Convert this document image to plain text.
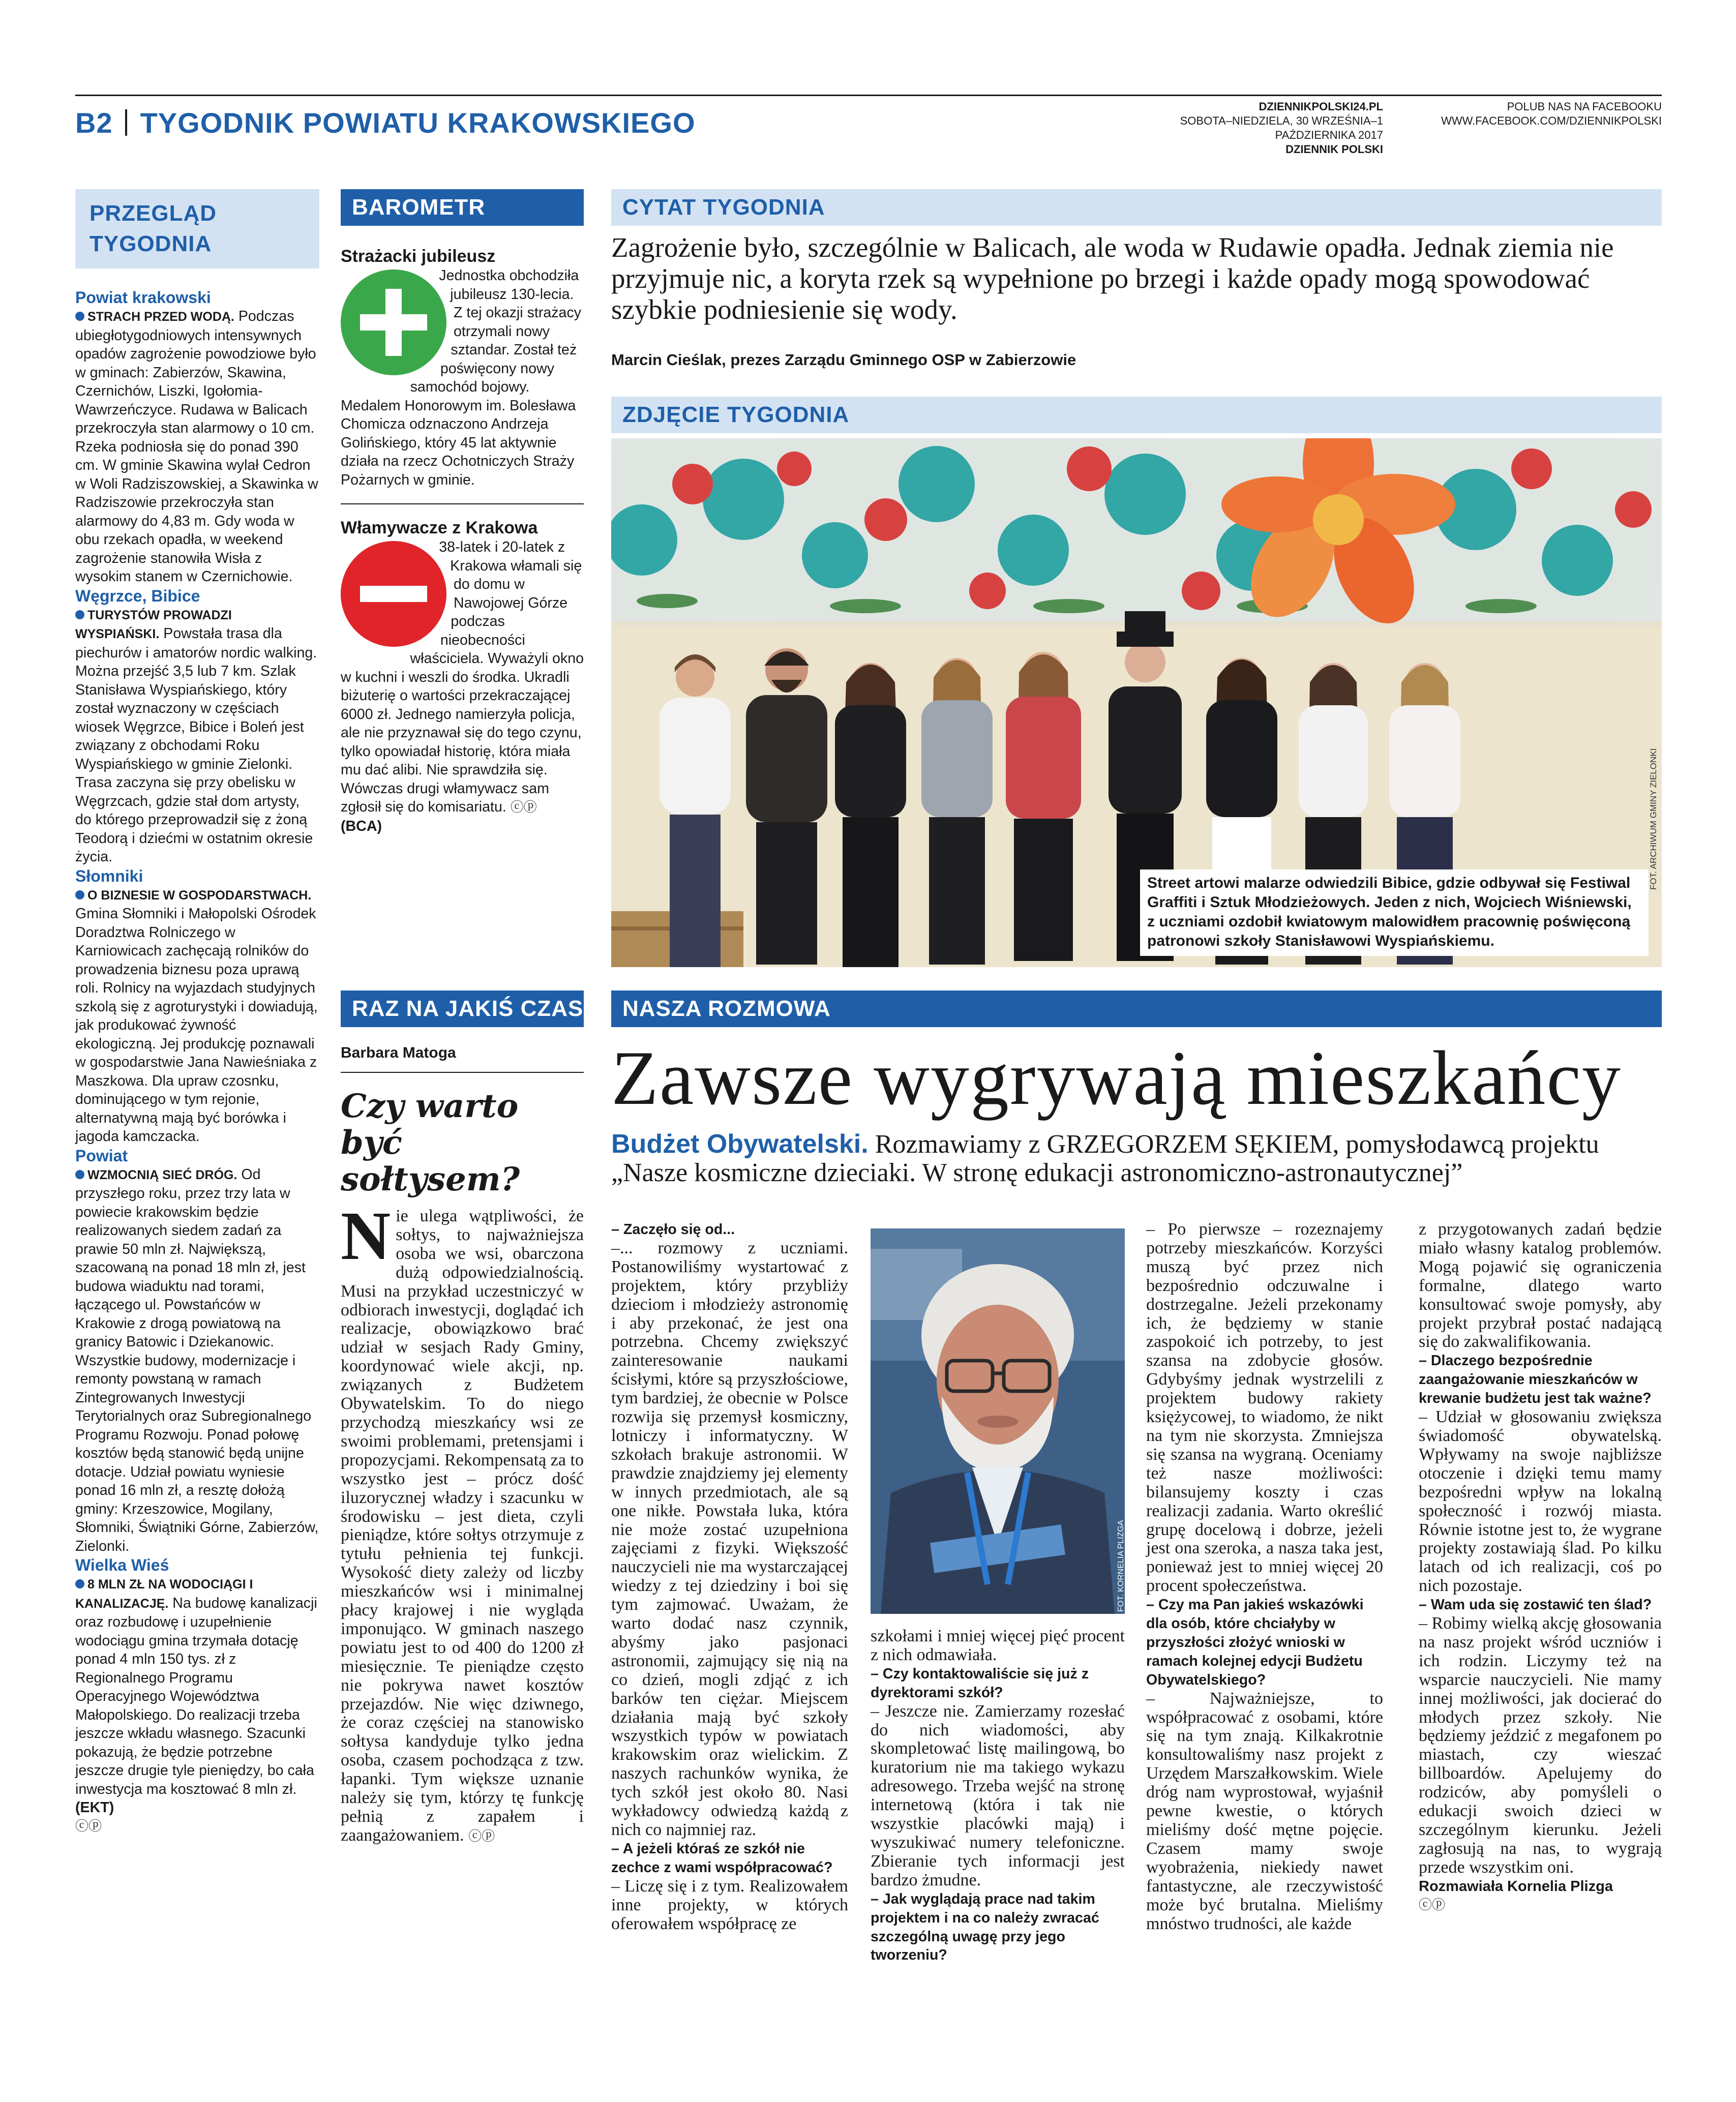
B2 TYGODNIK POWIATU KRAKOWSKIEGO	DZIENNIKPOLSKI24.PL
SOBOTA–NIEDZIELA, 30 WRZEŚNIA–1 PAŹDZIERNIKA 2017
DZIENNIK POLSKI
POLUB NAS NA FACEBOOKU
WWW.FACEBOOK.COM/DZIENNIKPOLSKI
PRZEGLĄD
TYGODNIA
Powiat krakowski

STRACH PRZED WODĄ. Podczas ubiegłotygodniowych intensywnych opadów zagrożenie powodziowe było w gminach: Zabierzów, Skawina, Czernichów, Liszki, Igołomia-Wawrzeńczyce. Rudawa w Balicach przekroczyła stan alarmowy o 10 cm. Rzeka podniosła się do ponad 390 cm. W gminie Skawina wylał Cedron w Woli Radziszowskiej, a Skawinka w Radziszowie przekroczyła stan alarmowy do 4,83 m. Gdy woda w obu rzekach opadła, w weekend zagrożenie stanowiła Wisła z wysokim stanem w Czernichowie.

Węgrzce, Bibice

TURYSTÓW PROWADZI WYSPIAŃSKI. Powstała trasa dla piechurów i amatorów nordic walking. Można przejść 3,5 lub 7 km. Szlak Stanisława Wyspiańskiego, który został wyznaczony w częściach wiosek Węgrzce, Bibice i Boleń jest związany z obchodami Roku Wyspiańskiego w gminie Zielonki. Trasa zaczyna się przy obelisku w Węgrzcach, gdzie stał dom artysty, do którego przeprowadził się z żoną Teodorą i dziećmi w ostatnim okresie życia.

Słomniki

O BIZNESIE W GOSPODARSTWACH. Gmina Słomniki i Małopolski Ośrodek Doradztwa Rolniczego w Karniowicach zachęcają rolników do prowadzenia biznesu poza uprawą roli. Rolnicy na wyjazdach studyjnych szkolą się z agroturystyki i dowiadują, jak produkować żywność ekologiczną. Jej produkcję poznawali w gospodarstwie Jana Nawieśniaka z Maszkowa. Dla upraw czosnku, dominującego w tym rejonie, alternatywną mają być borówka i jagoda kamczacka.

Powiat

WZMOCNIĄ SIEĆ DRÓG. Od przyszłego roku, przez trzy lata w powiecie krakowskim będzie realizowanych siedem zadań za prawie 50 mln zł. Największą, szacowaną na ponad 18 mln zł, jest budowa wiaduktu nad torami, łączącego ul. Powstańców w Krakowie z drogą powiatową na granicy Batowic i Dziekanowic. Wszystkie budowy, modernizacje i remonty powstaną w ramach Zintegrowanych Inwestycji Terytorialnych oraz Subregionalnego Programu Rozwoju. Ponad połowę kosztów będą stanowić będą unijne dotacje. Udział powiatu wyniesie ponad 16 mln zł, a resztę dołożą gminy: Krzeszowice, Mogilany, Słomniki, Świątniki Górne, Zabierzów, Zielonki.

Wielka Wieś

8 MLN ZŁ NA WODOCIĄGI I KANALIZACJĘ. Na budowę kanalizacji oraz rozbudowę i uzupełnienie wodociągu gmina trzymała dotację ponad 4 mln 150 tys. zł z Regionalnego Programu Operacyjnego Województwa Małopolskiego. Do realizacji trzeba jeszcze wkładu własnego. Szacunki pokazują, że będzie potrzebne jeszcze drugie tyle pieniędzy, bo cała inwestycja ma kosztować 8 mln zł.

(EKT)
ⓒⓟ
BAROMETR
Strażacki jubileusz
Jednostka obchodziła jubileusz 130-lecia. Z tej okazji strażacy otrzymali nowy sztandar. Został też poświęcony nowy samochód bojowy. Medalem Honorowym im. Bolesława Chomicza odznaczono Andrzeja Golińskiego, który 45 lat aktywnie działa na rzecz Ochotniczych Straży Pożarnych w gminie.
Włamywacze z Krakowa
38-latek i 20-latek z Krakowa włamali się do domu w Nawojowej Górze podczas nieobecności właściciela. Wyważyli okno w kuchni i weszli do środka. Ukradli biżuterię o wartości przekraczającej 6000 zł. Jednego namierzyła policja, ale nie przyznawał się do tego czynu, tylko opowiadał historię, która miała mu dać alibi. Nie sprawdziła się. Wówczas drugi włamywacz sam zgłosił się do komisariatu. ⓒⓟ
(BCA)
RAZ NA JAKIŚ CZAS
Barbara Matoga
Czy warto być sołtysem?
Nie ulega wątpliwości, że sołtys, to najważniejsza osoba we wsi, obarczona dużą odpowiedzialnością. Musi na przykład uczestniczyć w odbiorach inwestycji, doglądać ich realizacje, obowiązkowo brać udział w sesjach Rady Gminy, koordynować wiele akcji, np. związanych z Budżetem Obywatelskim. To do niego przychodzą mieszkańcy wsi ze swoimi problemami, pretensjami i propozycjami. Rekompensatą za to wszystko jest – prócz dość iluzorycznej władzy i szacunku w środowisku – jest dieta, czyli pieniądze, które sołtys otrzymuje z tytułu pełnienia tej funkcji. Wysokość diety zależy od liczby mieszkańców wsi i minimalnej płacy krajowej i nie wygląda imponująco. W gminach naszego powiatu jest to od 400 do 1200 zł miesięcznie. Te pieniądze często nie pokrywa nawet kosztów przejazdów. Nie więc dziwnego, że coraz częściej na stanowisko sołtysa kandyduje tylko jedna osoba, czasem pochodząca z tzw. łapanki. Tym większe uznanie należy się tym, którzy tę funkcję pełnią z zapałem i zaangażowaniem. ⓒⓟ
CYTAT TYGODNIA
Zagrożenie było, szczególnie w Balicach, ale woda w Rudawie opadła. Jednak ziemia nie przyjmuje nic, a koryta rzek są wypełnione po brzegi i każde opady mogą spowodować szybkie podniesienie się wody.
Marcin Cieślak, prezes Zarządu Gminnego OSP w Zabierzowie
ZDJĘCIE TYGODNIA
Street artowi malarze odwiedzili Bibice, gdzie odbywał się Festiwal Graffiti i Sztuk Młodzieżowych. Jeden z nich, Wojciech Wiśniewski, z uczniami ozdobił kwiatowym malowidłem pracownię poświęconą patronowi szkoły Stanisławowi Wyspiańskiemu.
FOT. ARCHIWUM GMINY ZIELONKI
NASZA ROZMOWA
Zawsze wygrywają mieszkańcy
Budżet Obywatelski. Rozmawiamy z GRZEGORZEM SĘKIEM, pomysłodawcą projektu „Nasze kosmiczne dzieciaki. W stronę edukacji astronomiczno-astronautycznej”
– Zaczęło się od...
–... rozmowy z uczniami. Postanowiliśmy wystartować z projektem, który przybliży dzieciom i młodzieży astronomię i aby przekonać, że jest ona potrzebna. Chcemy zwiększyć zainteresowanie naukami ścisłymi, które są przyszłościowe, tym bardziej, że obecnie w Polsce rozwija się przemysł kosmiczny, lotniczy i informatyczny. W szkołach brakuje astronomii. W prawdzie znajdziemy jej elementy w innych przedmiotach, ale są one nikłe. Powstała luka, która nie może zostać uzupełniona zajęciami z fizyki. Większość nauczycieli nie ma wystarczającej wiedzy z tej dziedziny i boi się tym zajmować. Uważam, że warto dodać nasz czynnik, abyśmy jako pasjonaci astronomii, zajmujący się nią na co dzień, mogli zdjąć z ich barków ten ciężar. Miejscem działania mają być szkoły wszystkich typów w powiatach krakowskim oraz wielickim. Z naszych rachunków wynika, że tych szkół jest około 80. Nasi wykładowcy odwiedzą każdą z nich co najmniej raz.
– A jeżeli któraś ze szkół nie zechce z wami współpracować?
– Liczę się i z tym. Realizowałem inne projekty, w których oferowałem współpracę ze
FOT. KORNELIA PLIZGA
szkołami i mniej więcej pięć procent z nich odmawiała.
– Czy kontaktowaliście się już z dyrektorami szkół?
– Jeszcze nie. Zamierzamy rozesłać do nich wiadomości, aby skompletować listę mailingową, bo kuratorium nie ma takiego wykazu adresowego. Trzeba wejść na stronę internetową (która i tak nie wszystkie placówki mają) i wyszukiwać numery telefoniczne. Zbieranie tych informacji jest bardzo żmudne.
– Jak wyglądają prace nad takim projektem i na co należy zwracać szczególną uwagę przy jego tworzeniu?
– Po pierwsze – rozeznajemy potrzeby mieszkańców. Korzyści muszą być przez nich bezpośrednio odczuwalne i dostrzegalne. Jeżeli przekonamy ich, że będziemy w stanie zaspokoić ich potrzeby, to jest szansa na zdobycie głosów. Gdybyśmy jednak wystrzelili z projektem budowy rakiety księżycowej, to wiadomo, że nikt na tym nie skorzysta. Zmniejsza się szansa na wygraną. Oceniamy też nasze możliwości: bilansujemy koszty i czas realizacji zadania. Warto określić grupę docelową i dobrze, jeżeli jest ona szeroka, a nasza taka jest, ponieważ jest to mniej więcej 20 procent społeczeństwa.
– Czy ma Pan jakieś wskazówki dla osób, które chciałyby w przyszłości złożyć wnioski w ramach kolejnej edycji Budżetu Obywatelskiego?
– Najważniejsze, to współpracować z osobami, które się na tym znają. Kilkakrotnie konsultowaliśmy nasz projekt z Urzędem Marszałkowskim. Wiele dróg nam wyprostował, wyjaśnił pewne kwestie, o których mieliśmy dość mętne pojęcie. Czasem mamy swoje wyobrażenia, niekiedy nawet fantastyczne, ale rzeczywistość może być brutalna. Mieliśmy mnóstwo trudności, ale każde
z przygotowanych zadań będzie miało własny katalog problemów. Mogą pojawić się ograniczenia formalne, dlatego warto konsultować swoje pomysły, aby projekt przybrał postać nadającą się do zakwalifikowania.
– Dlaczego bezpośrednie zaangażowanie mieszkańców w krewanie budżetu jest tak ważne?
– Udział w głosowaniu zwiększa świadomość obywatelską. Wpływamy na swoje najbliższe otoczenie i dzięki temu mamy bezpośredni wpływ na lokalną społeczność i rozwój miasta. Równie istotne jest to, że wygrane projekty zostawiają ślad. Po kilku latach od ich realizacji, coś po nich pozostaje.
– Wam uda się zostawić ten ślad?
– Robimy wielką akcję głosowania na nasz projekt wśród uczniów i ich rodzin. Liczymy też na wsparcie nauczycieli. Nie mamy innej możliwości, jak docierać do młodych przez szkoły. Nie będziemy jeździć z megafonem po miastach, czy wieszać billboardów. Apelujemy do rodziców, aby pomyśleli o edukacji swoich dzieci w szczególnym kierunku. Jeżeli zagłosują na nas, to wygrają przede wszystkim oni.
Rozmawiała Kornelia Plizga
ⓒⓟ
